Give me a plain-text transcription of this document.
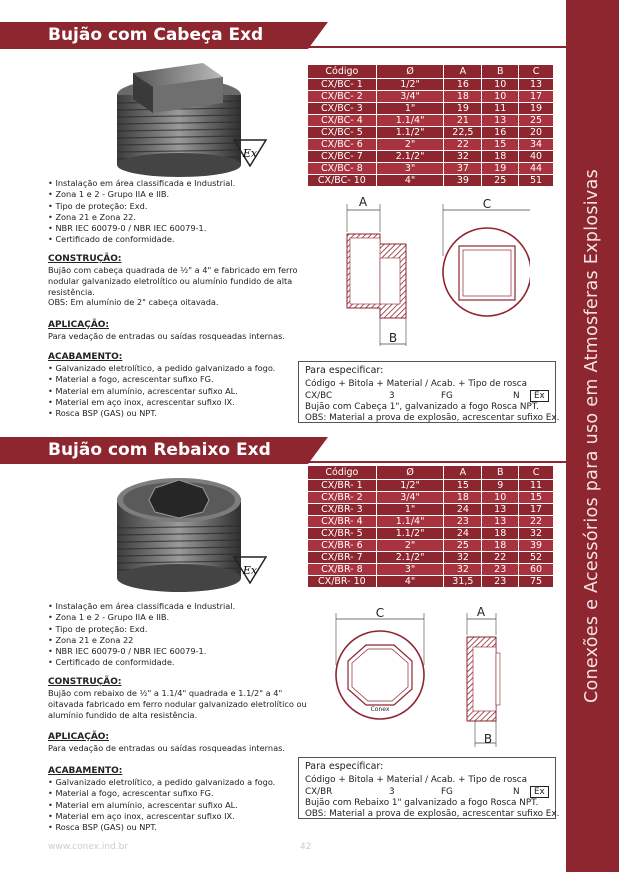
Conexões e Acessórios para uso em Atmosferas Explosivas
Bujão com Cabeça Exd
Ex
• Instalação em área classificada e Industrial.
• Zona 1 e 2 - Grupo IIA e IIB.
• Tipo de proteção: Exd.
• Zona 21 e Zona 22.
• NBR IEC 60079-0 / NBR IEC 60079-1.
• Certificado de conformidade.

CONSTRUÇÃO:

Bujão com cabeça quadrada de ½" a 4" e fabricado em ferro nodular galvanizado eletrolítico ou alumínio fundido de alta resistência.

OBS: Em alumínio de 2" cabeça oitavada.

APLICAÇÃO:

Para vedação de entradas ou saídas rosqueadas internas.

ACABAMENTO:

• Galvanizado eletrolítico, a pedido galvanizado a fogo.
• Material a fogo, acrescentar sufixo FG.
• Material em alumínio, acrescentar sufixo AL.
• Material em aço inox, acrescentar sufixo IX.
• Rosca BSP (GAS) ou NPT.
Código	Ø	A	B	C
CX/BC- 1	1/2"	16	10	13
CX/BC- 2	3/4"	18	10	17
CX/BC- 3	1"	19	11	19
CX/BC- 4	1.1/4"	21	13	25
CX/BC- 5	1.1/2"	22,5	16	20
CX/BC- 6	2"	22	15	34
CX/BC- 7	2.1/2"	32	18	40
CX/BC- 8	3"	37	19	44
CX/BC- 10	4"	39	25	51
A
B
C
Para especificar:
Código + Bitola + Material / Acab. + Tipo de rosca
CX/BC	3	FG	N	Ex
Bujão com Cabeça 1", galvanizado a fogo Rosca NPT.
OBS: Material a prova de explosão, acrescentar sufixo Ex.
Bujão com Rebaixo Exd
Ex
• Instalação em área classificada e Industrial.
• Zona 1 e 2 - Grupo IIA e IIB.
• Tipo de proteção: Exd.
• Zona 21 e Zona 22
• NBR IEC 60079-0 / NBR IEC 60079-1.
• Certificado de conformidade.

CONSTRUÇÃO:

Bujão com rebaixo de ½" a 1.1/4" quadrada e 1.1/2" a 4" oitavada fabricado em ferro nodular galvanizado eletrolítico ou alumínio fundido de alta resistência.

APLICAÇÃO:

Para vedação de entradas ou saídas rosqueadas internas.

ACABAMENTO:

• Galvanizado eletrolítico, a pedido galvanizado a fogo.
• Material a fogo, acrescentar sufixo FG.
• Material em alumínio, acrescentar sufixo AL.
• Material em aço inox, acrescentar sufixo IX.
• Rosca BSP (GAS) ou NPT.
Código	Ø	A	B	C
CX/BR- 1	1/2"	15	9	11
CX/BR- 2	3/4"	18	10	15
CX/BR- 3	1"	24	13	17
CX/BR- 4	1.1/4"	23	13	22
CX/BR- 5	1.1/2"	24	18	32
CX/BR- 6	2"	25	18	39
CX/BR- 7	2.1/2"	32	22	52
CX/BR- 8	3"	32	23	60
CX/BR- 10	4"	31,5	23	75
Conex
C	A
B
Para especificar:
Código + Bitola + Material / Acab. + Tipo de rosca
CX/BR	3	FG	N	Ex
Bujão com Rebaixo 1" galvanizado a fogo Rosca NPT.
OBS: Material a prova de explosão, acrescentar sufixo Ex.
www.conex.ind.br	42
